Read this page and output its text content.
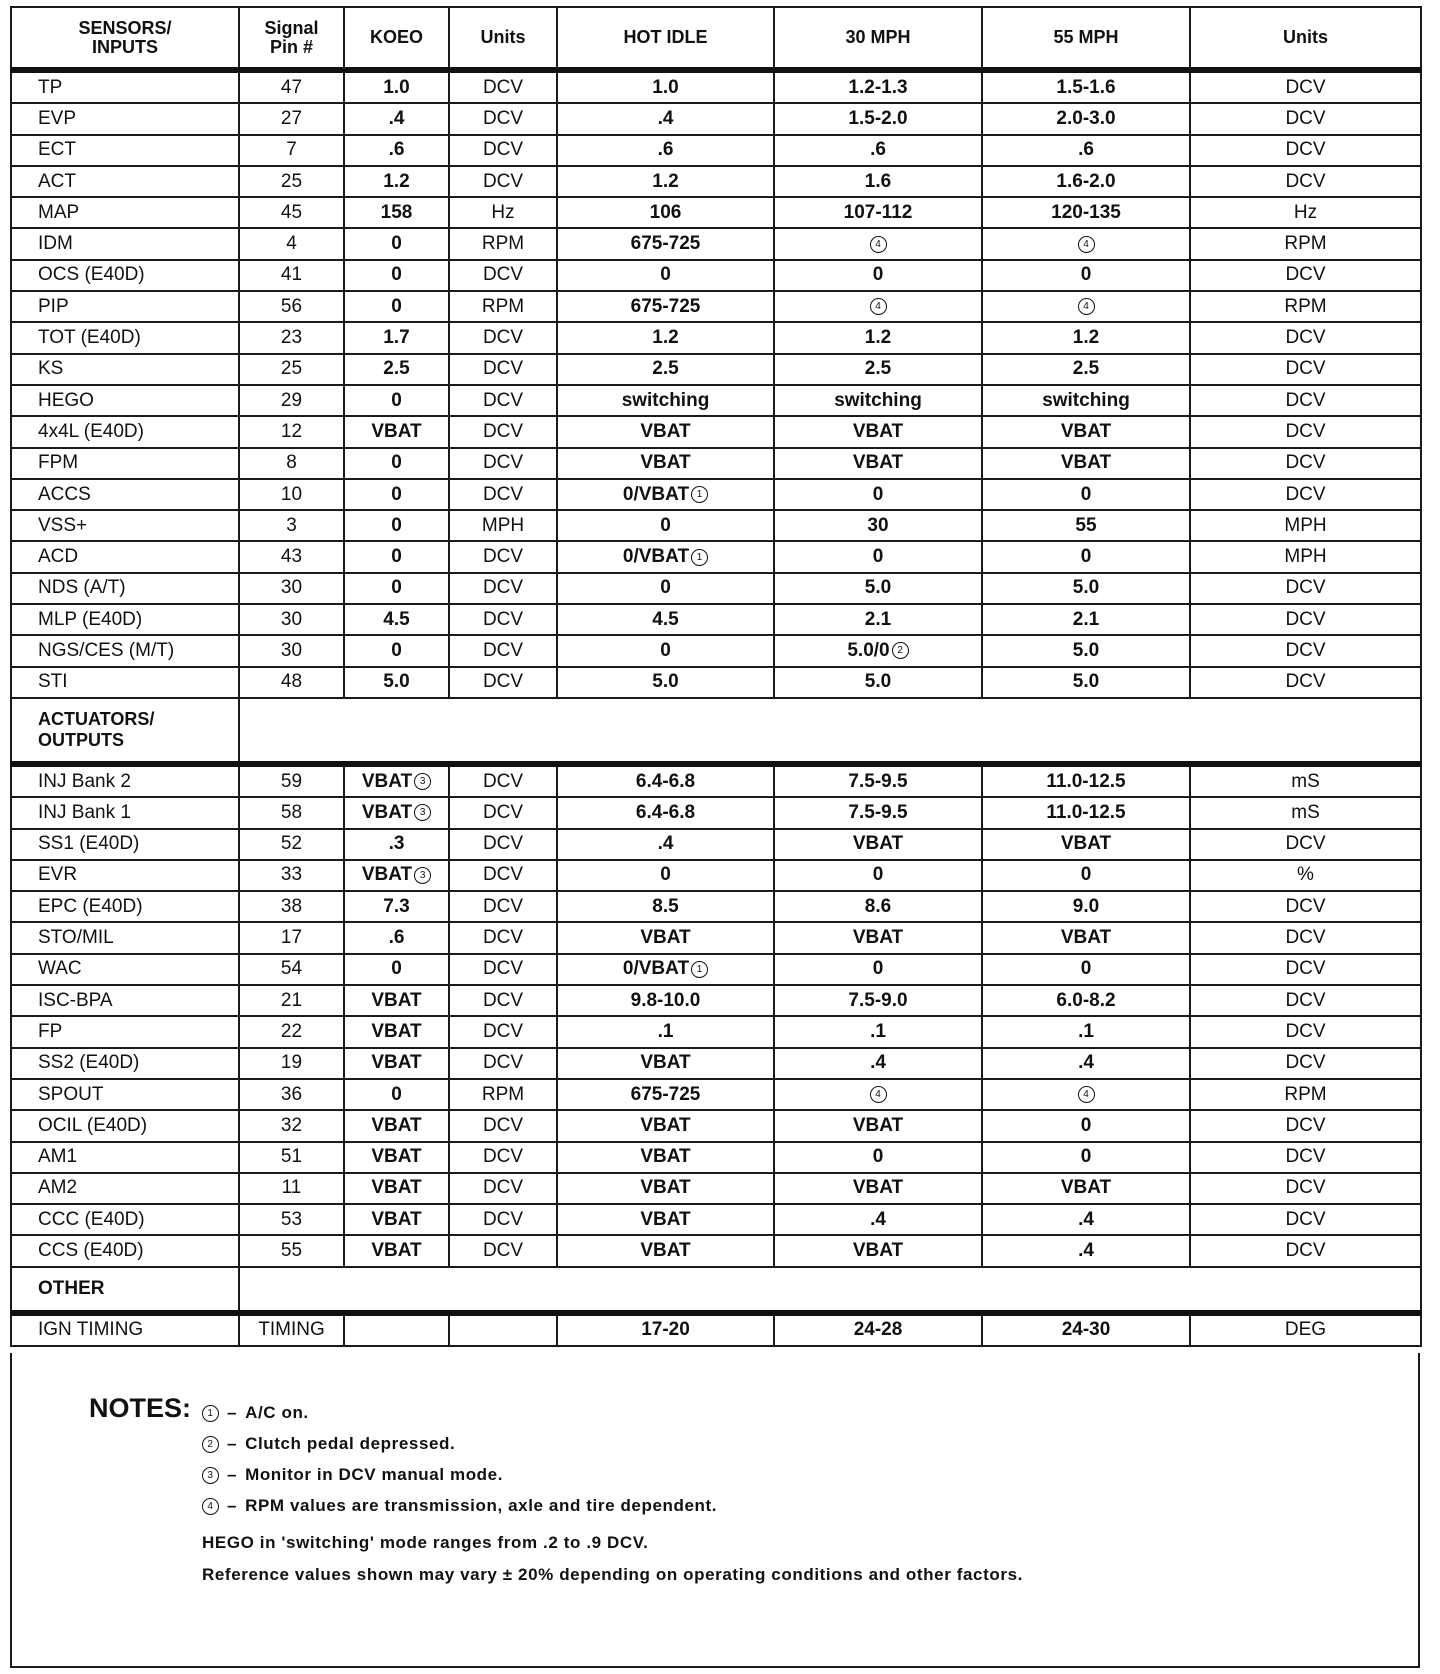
SENSORS/ INPUTS	Signal Pin #	KOEO	Units	HOT IDLE	30 MPH	55 MPH	Units
TP	47	1.0	DCV	1.0	1.2-1.3	1.5-1.6	DCV
EVP	27	.4	DCV	.4	1.5-2.0	2.0-3.0	DCV
ECT	7	.6	DCV	.6	.6	.6	DCV
ACT	25	1.2	DCV	1.2	1.6	1.6-2.0	DCV
MAP	45	158	Hz	106	107-112	120-135	Hz
IDM	4	0	RPM	675-725	4	4	RPM
OCS (E40D)	41	0	DCV	0	0	0	DCV
PIP	56	0	RPM	675-725	4	4	RPM
TOT (E40D)	23	1.7	DCV	1.2	1.2	1.2	DCV
KS	25	2.5	DCV	2.5	2.5	2.5	DCV
HEGO	29	0	DCV	switching	switching	switching	DCV
4x4L (E40D)	12	VBAT	DCV	VBAT	VBAT	VBAT	DCV
FPM	8	0	DCV	VBAT	VBAT	VBAT	DCV
ACCS	10	0	DCV	0/VBAT 1	0	0	DCV
VSS+	3	0	MPH	0	30	55	MPH
ACD	43	0	DCV	0/VBAT 1	0	0	MPH
NDS (A/T)	30	0	DCV	0	5.0	5.0	DCV
MLP (E40D)	30	4.5	DCV	4.5	2.1	2.1	DCV
NGS/CES (M/T)	30	0	DCV	0	5.0/0 2	5.0	DCV
STI	48	5.0	DCV	5.0	5.0	5.0	DCV
ACTUATORS/ OUTPUTS							
INJ Bank 2	59	VBAT 3	DCV	6.4-6.8	7.5-9.5	11.0-12.5	mS
INJ Bank 1	58	VBAT 3	DCV	6.4-6.8	7.5-9.5	11.0-12.5	mS
SS1 (E40D)	52	.3	DCV	.4	VBAT	VBAT	DCV
EVR	33	VBAT 3	DCV	0	0	0	%
EPC (E40D)	38	7.3	DCV	8.5	8.6	9.0	DCV
STO/MIL	17	.6	DCV	VBAT	VBAT	VBAT	DCV
WAC	54	0	DCV	0/VBAT 1	0	0	DCV
ISC-BPA	21	VBAT	DCV	9.8-10.0	7.5-9.0	6.0-8.2	DCV
FP	22	VBAT	DCV	.1	.1	.1	DCV
SS2 (E40D)	19	VBAT	DCV	VBAT	.4	.4	DCV
SPOUT	36	0	RPM	675-725	4	4	RPM
OCIL (E40D)	32	VBAT	DCV	VBAT	VBAT	0	DCV
AM1	51	VBAT	DCV	VBAT	0	0	DCV
AM2	11	VBAT	DCV	VBAT	VBAT	VBAT	DCV
CCC (E40D)	53	VBAT	DCV	VBAT	.4	.4	DCV
CCS (E40D)	55	VBAT	DCV	VBAT	VBAT	.4	DCV
OTHER							
IGN TIMING	TIMING			17-20	24-28	24-30	DEG
NOTES:	1 – A/C on.
2 – Clutch pedal depressed.
3 – Monitor in DCV manual mode.
4 – RPM values are transmission, axle and tire dependent.
HEGO in 'switching' mode ranges from .2 to .9 DCV.
Reference values shown may vary ± 20% depending on operating conditions and other factors.
